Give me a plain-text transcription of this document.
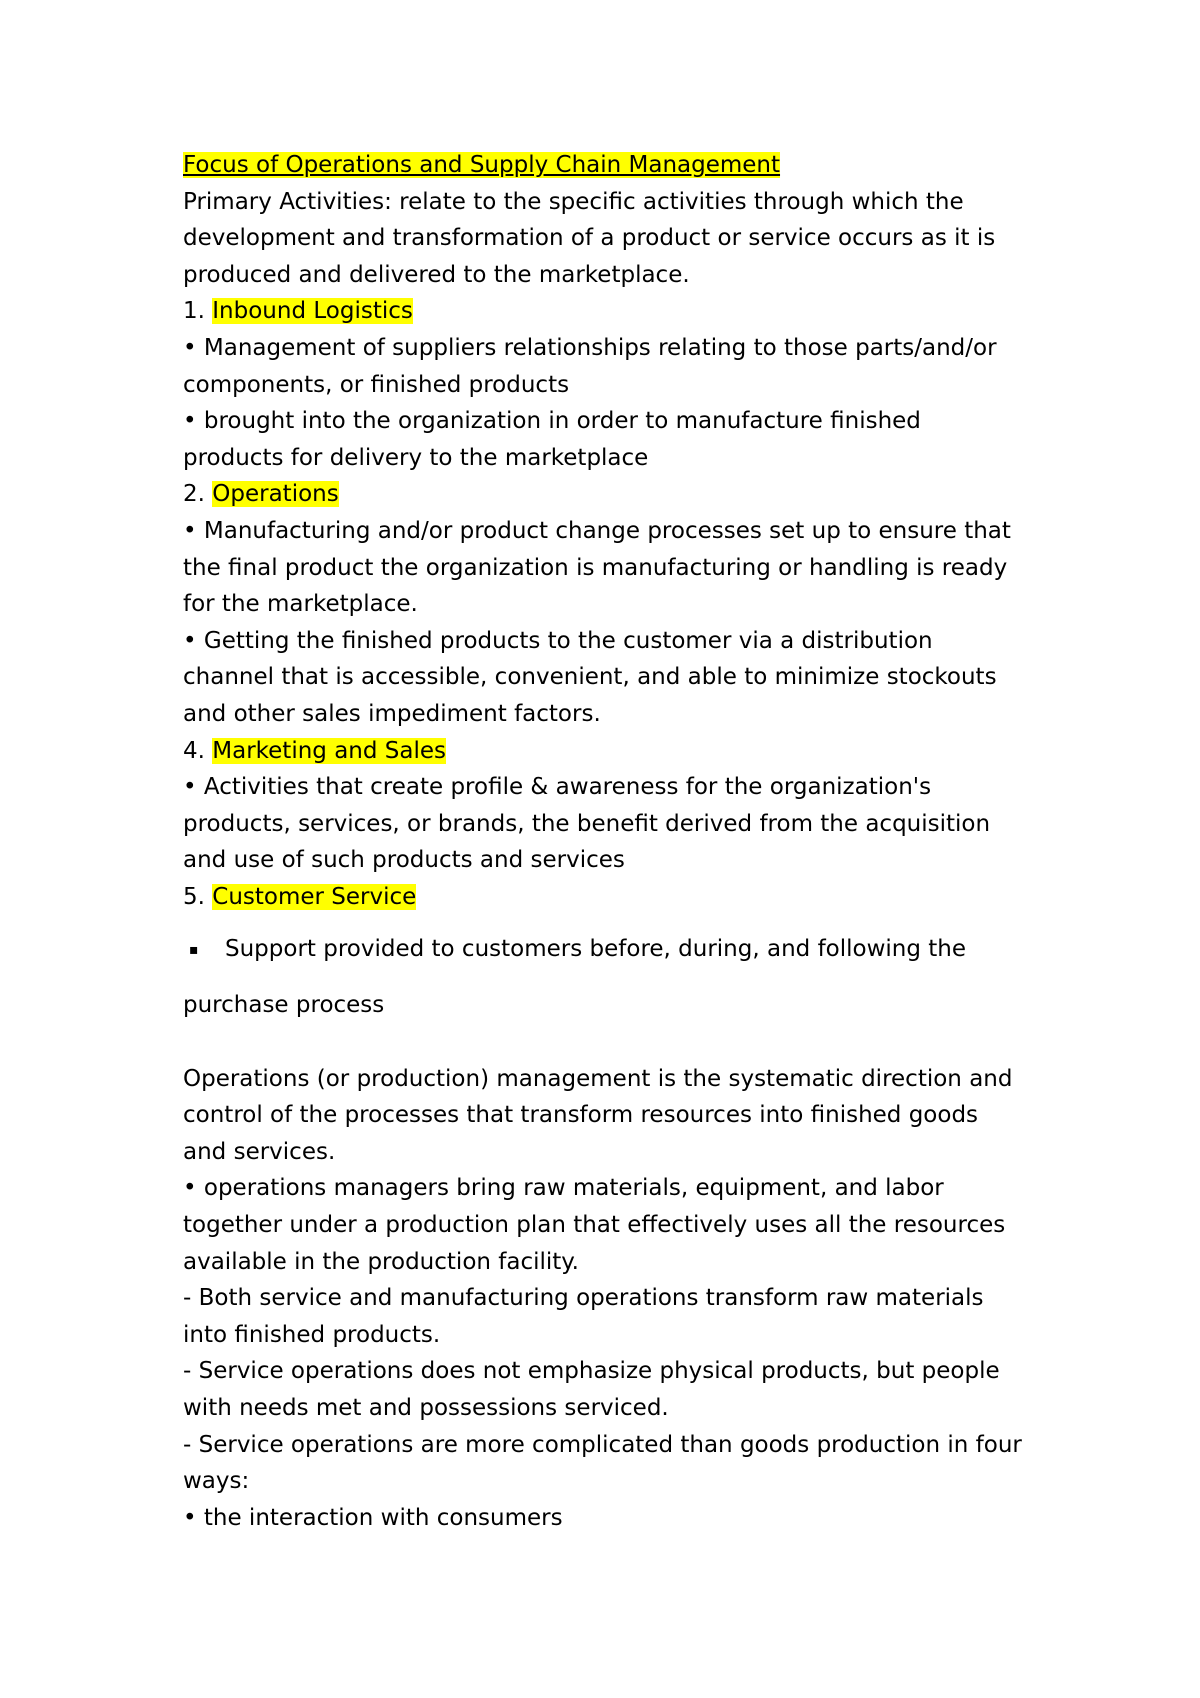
Focus of Operations and Supply Chain Management
Primary Activities: relate to the specific activities through which the
development and transformation of a product or service occurs as it is
produced and delivered to the marketplace.
1. Inbound Logistics
• Management of suppliers relationships relating to those parts/and/or
components, or finished products
• brought into the organization in order to manufacture finished
products for delivery to the marketplace
2. Operations
• Manufacturing and/or product change processes set up to ensure that
the final product the organization is manufacturing or handling is ready
for the marketplace.
• Getting the finished products to the customer via a distribution
channel that is accessible, convenient, and able to minimize stockouts
and other sales impediment factors.
4. Marketing and Sales
• Activities that create profile & awareness for the organization's
products, services, or brands, the benefit derived from the acquisition
and use of such products and services
5. Customer Service
▪ Support provided to customers before, during, and following the
purchase process
Operations (or production) management is the systematic direction and
control of the processes that transform resources into finished goods
and services.
• operations managers bring raw materials, equipment, and labor
together under a production plan that effectively uses all the resources
available in the production facility.
- Both service and manufacturing operations transform raw materials
into finished products.
- Service operations does not emphasize physical products, but people
with needs met and possessions serviced.
- Service operations are more complicated than goods production in four
ways:
• the interaction with consumers
